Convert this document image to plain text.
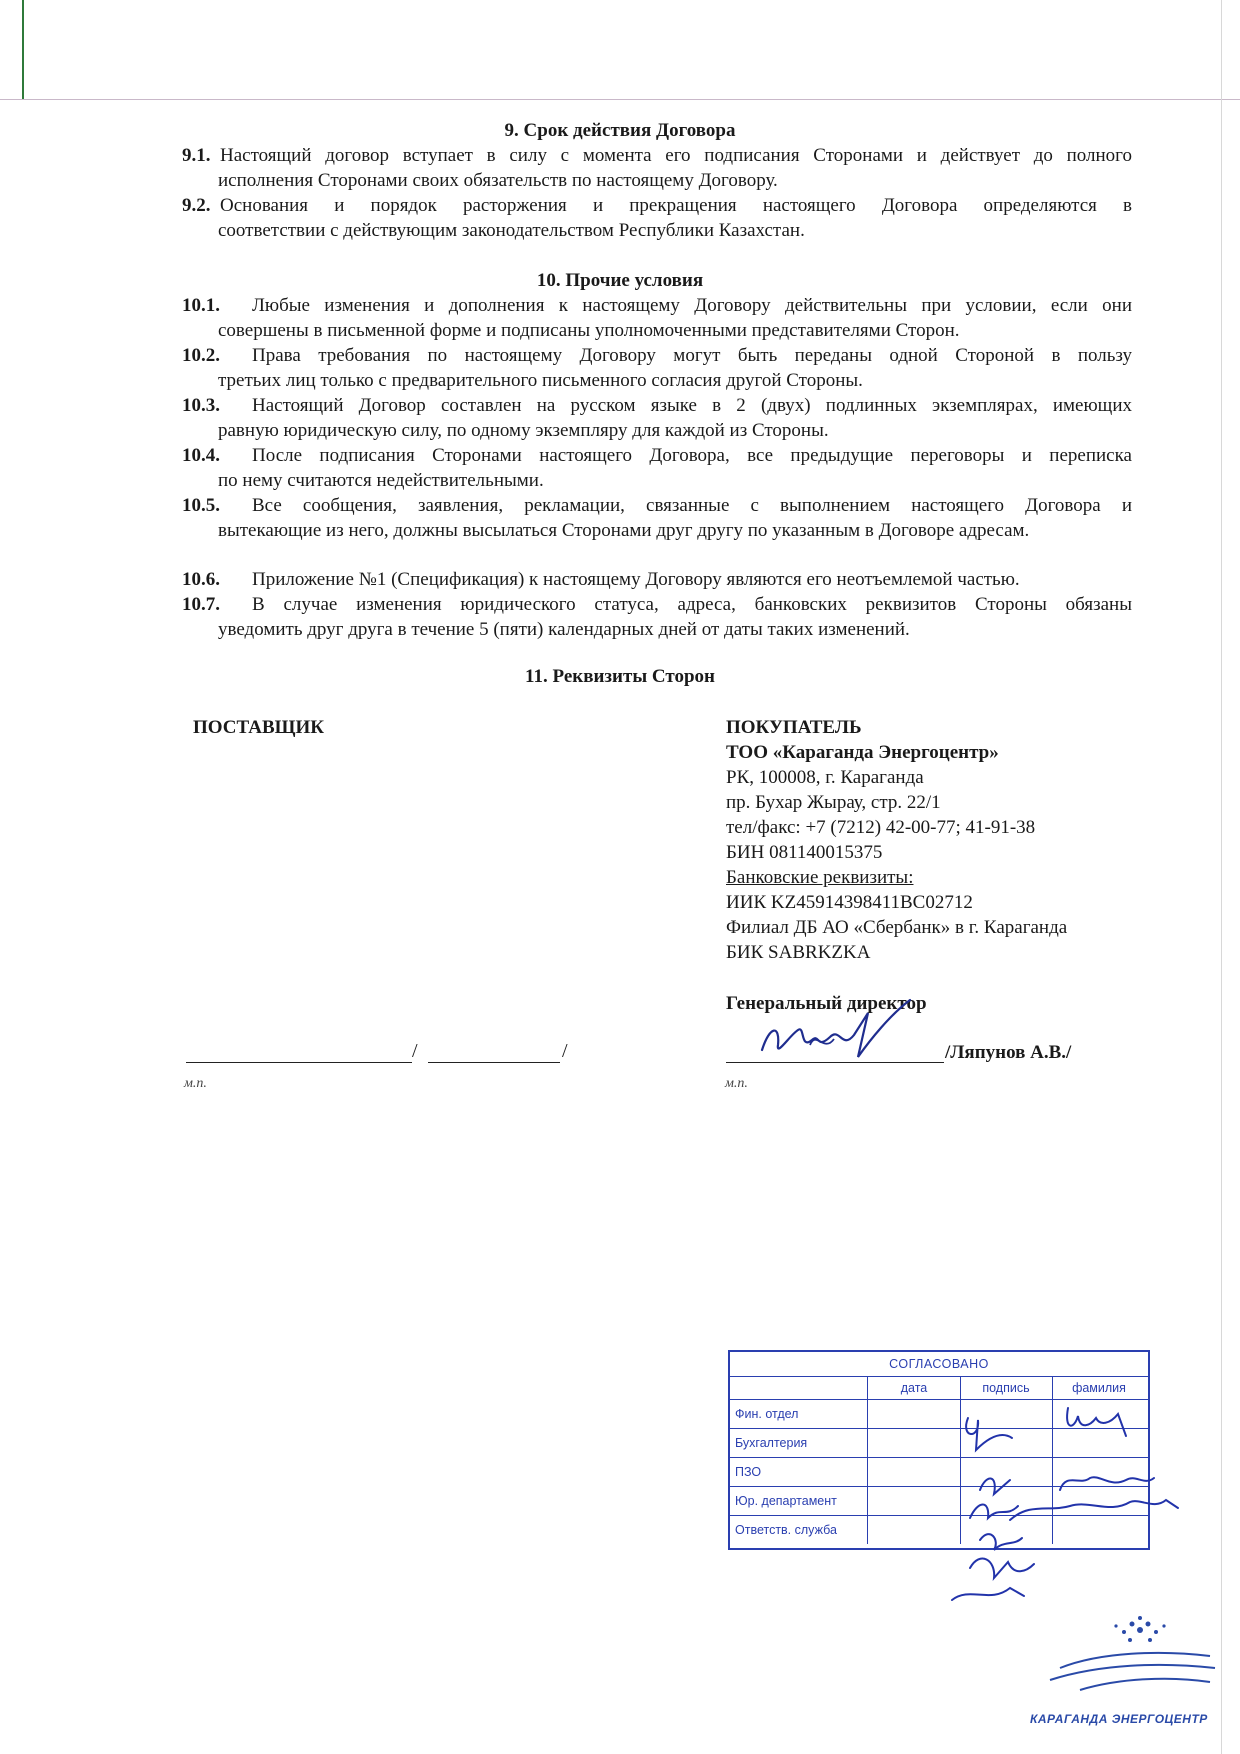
9. Срок действия Договора
9.1. Настоящий договор вступает в силу с момента его подписания Сторонами и действует до полного
исполнения Сторонами своих обязательств по настоящему Договору.
9.2. Основания и порядок расторжения и прекращения настоящего Договора определяются в
соответствии с действующим законодательством Республики Казахстан.
10. Прочие условия
10.1.	Любые изменения и дополнения к настоящему Договору действительны при условии, если они
совершены в письменной форме и подписаны уполномоченными представителями Сторон.
10.2.	Права требования по настоящему Договору могут быть переданы одной Стороной в пользу
третьих лиц только с предварительного письменного согласия другой Стороны.
10.3.	Настоящий Договор составлен на русском языке в 2 (двух) подлинных экземплярах, имеющих
равную юридическую силу, по одному экземпляру для каждой из Стороны.
10.4.	После подписания Сторонами настоящего Договора, все предыдущие переговоры и переписка
по нему считаются недействительными.
10.5.	Все сообщения, заявления, рекламации, связанные с выполнением настоящего Договора и
вытекающие из него, должны высылаться Сторонами друг другу по указанным в Договоре адресам.
10.6.	Приложение №1 (Спецификация) к настоящему Договору являются его неотъемлемой частью.
10.7.	В случае изменения юридического статуса, адреса, банковских реквизитов Стороны обязаны
уведомить друг друга в течение 5 (пяти) календарных дней от даты таких изменений.
11. Реквизиты Сторон
ПОСТАВЩИК	ПОКУПАТЕЛЬ
ТОО «Караганда Энергоцентр»
РК, 100008, г. Караганда
пр. Бухар Жырау, стр. 22/1
тел/факс: +7 (7212) 42-00-77; 41-91-38
БИН 081140015375
Банковские реквизиты:
ИИК KZ45914398411BC02712
Филиал ДБ АО «Сбербанк» в г. Караганда
БИК SABRKZKA
Генеральный директор
/	/
м.п.
/Ляпунов А.В./
м.п.
СОГЛАСОВАНО
дата	подпись	фамилия
Фин. отдел
Бухгалтерия
ПЗО
Юр. департамент
Ответств. служба
КАРАГАНДА ЭНЕРГОЦЕНТР
